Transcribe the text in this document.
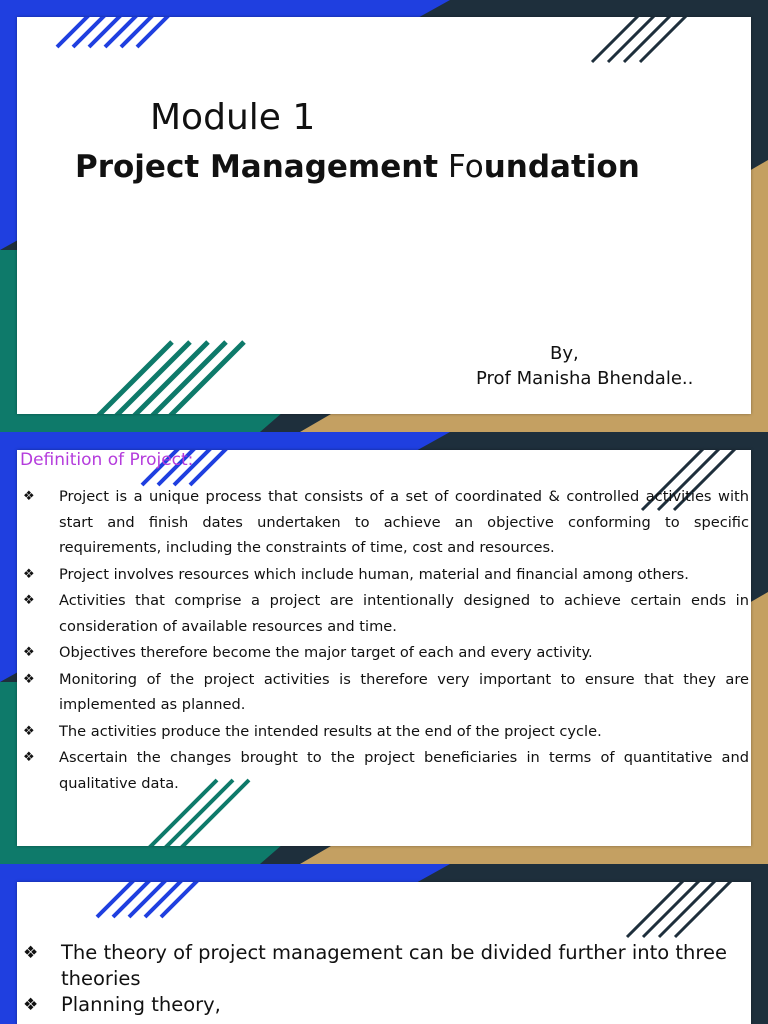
Module 1
Project Management Foundation
By,
Prof Manisha Bhendale..
Definition of Project:
❖ Project is a unique process that consists of a set of coordinated & controlled activities with start and finish dates undertaken to achieve an objective conforming to specific requirements, including the constraints of time, cost and resources.
❖ Project involves resources which include human, material and financial among others.
❖ Activities that comprise a project are intentionally designed to achieve certain ends in consideration of available resources and time.
❖ Objectives therefore become the major target of each and every activity.
❖ Monitoring of the project activities is therefore very important to ensure that they are implemented as planned.
❖ The activities produce the intended results at the end of the project cycle.
❖ Ascertain the changes brought to the project beneficiaries in terms of quantitative and qualitative data.
❖ The theory of project management can be divided further into three theories
❖ Planning theory,
